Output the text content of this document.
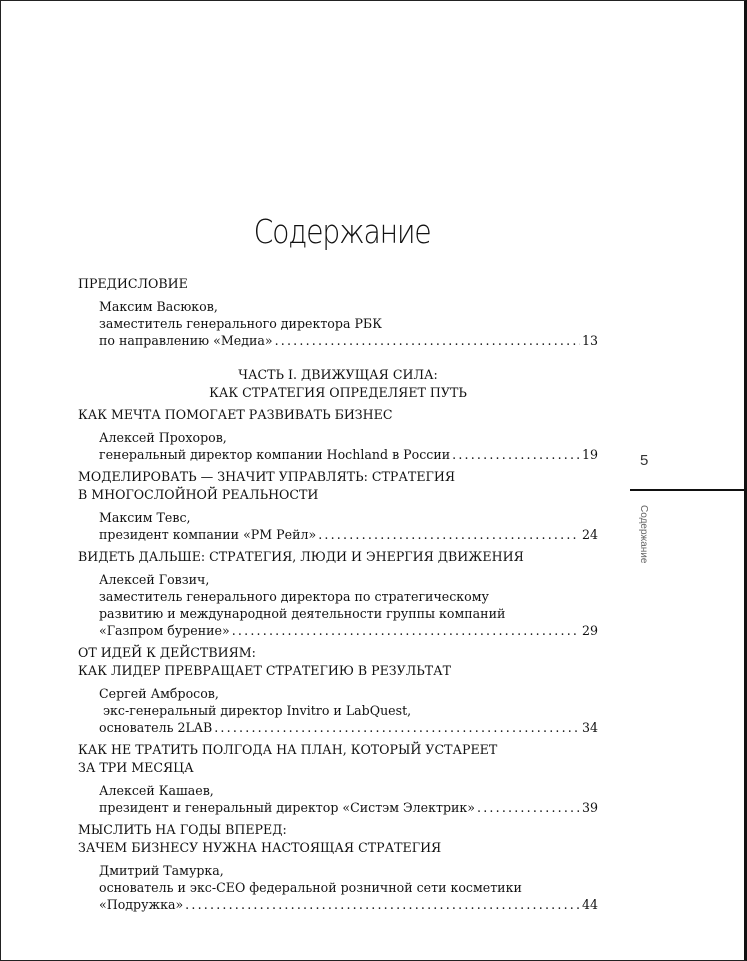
Содержание
ПРЕДИСЛОВИЕ
Максим Васюков,
заместитель генерального директора РБК
по направлению «Медиа» .....	13
ЧАСТЬ I. ДВИЖУЩАЯ СИЛА:
КАК СТРАТЕГИЯ ОПРЕДЕЛЯЕТ ПУТЬ
КАК МЕЧТА ПОМОГАЕТ РАЗВИВАТЬ БИЗНЕС
Алексей Прохоров,
генеральный директор компании Hochland в России .....	19
МОДЕЛИРОВАТЬ — ЗНАЧИТ УПРАВЛЯТЬ: СТРАТЕГИЯ
В МНОГОСЛОЙНОЙ РЕАЛЬНОСТИ
Максим Тевс,
президент компании «РМ Рейл» .....	24
ВИДЕТЬ ДАЛЬШЕ: СТРАТЕГИЯ, ЛЮДИ И ЭНЕРГИЯ ДВИЖЕНИЯ
Алексей Говзич,
заместитель генерального директора по стратегическому
развитию и международной деятельности группы компаний
«Газпром бурение» .....	29
ОТ ИДЕЙ К ДЕЙСТВИЯМ:
КАК ЛИДЕР ПРЕВРАЩАЕТ СТРАТЕГИЮ В РЕЗУЛЬТАТ
Сергей Амбросов,
экс-генеральный директор Invitro и LabQuest,
основатель 2LAB .....	34
КАК НЕ ТРАТИТЬ ПОЛГОДА НА ПЛАН, КОТОРЫЙ УСТАРЕЕТ
ЗА ТРИ МЕСЯЦА
Алексей Кашаев,
президент и генеральный директор «Систэм Электрик» .....	39
МЫСЛИТЬ НА ГОДЫ ВПЕРЕД:
ЗАЧЕМ БИЗНЕСУ НУЖНА НАСТОЯЩАЯ СТРАТЕГИЯ
Дмитрий Тамурка,
основатель и экс-CEO федеральной розничной сети косметики
«Подружка» .....	44
5
Содержание
